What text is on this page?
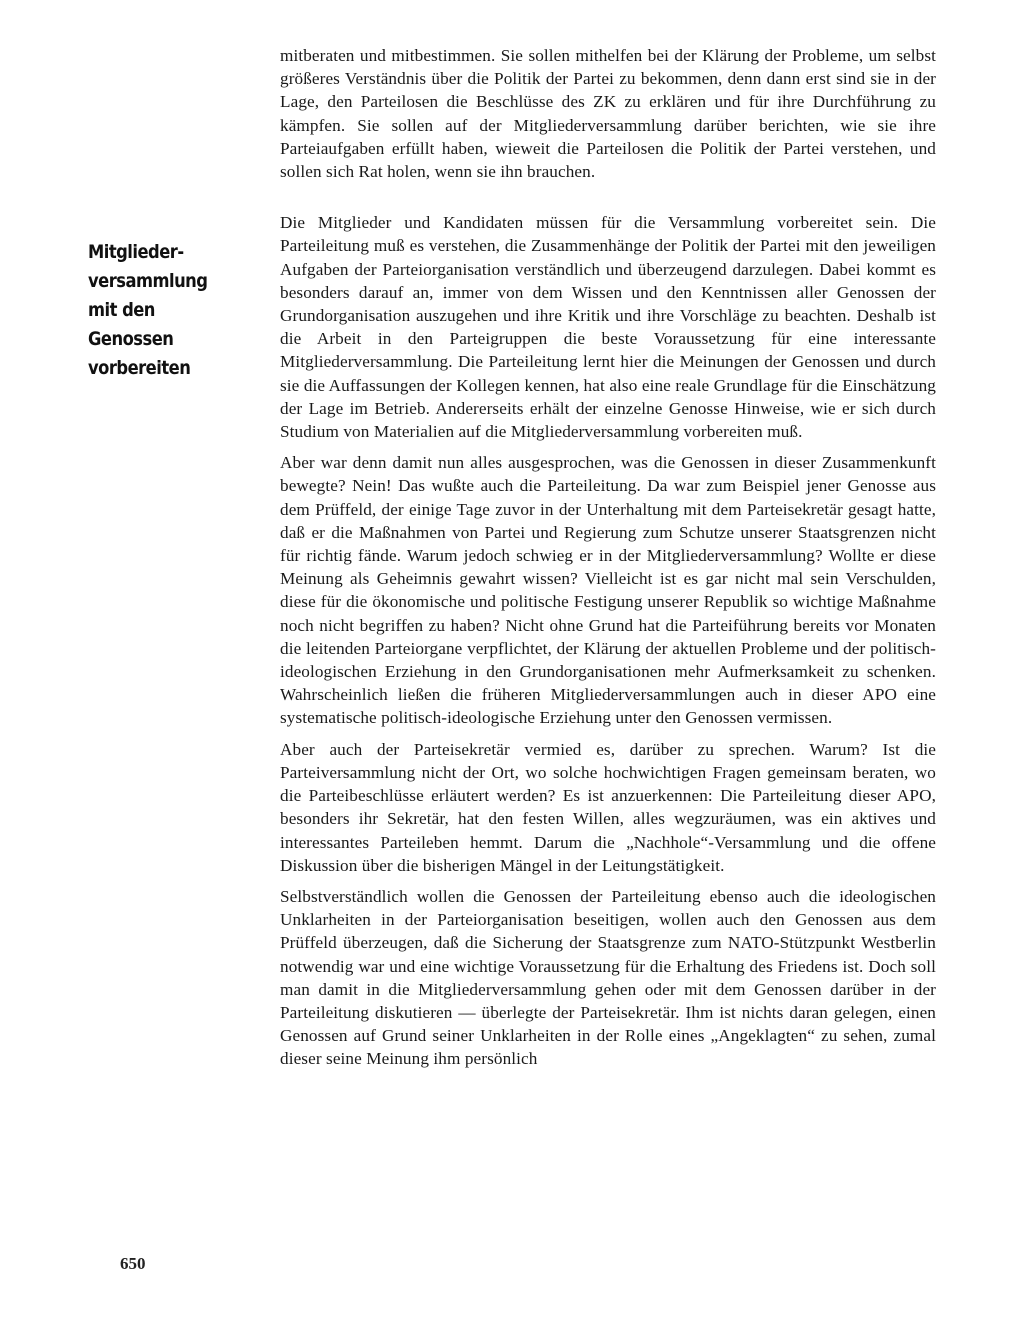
Mitglieder-
versammlung
mit den
Genossen
vorbereiten

mitberaten und mitbestimmen. Sie sollen mithelfen bei der Klärung der Probleme, um selbst größeres Verständnis über die Politik der Partei zu bekommen, denn dann erst sind sie in der Lage, den Parteilosen die Beschlüsse des ZK zu erklären und für ihre Durchführung zu kämpfen. Sie sollen auf der Mitgliederversammlung darüber berichten, wie sie ihre Parteiaufgaben erfüllt haben, wieweit die Parteilosen die Politik der Partei verstehen, und sollen sich Rat holen, wenn sie ihn brauchen.

Die Mitglieder und Kandidaten müssen für die Versammlung vorbereitet sein. Die Parteileitung muß es verstehen, die Zusammenhänge der Politik der Partei mit den jeweiligen Aufgaben der Parteiorganisation verständlich und überzeugend darzulegen. Dabei kommt es besonders darauf an, immer von dem Wissen und den Kenntnissen aller Genossen der Grundorganisation auszugehen und ihre Kritik und ihre Vorschläge zu beachten. Deshalb ist die Arbeit in den Parteigruppen die beste Voraussetzung für eine interessante Mitgliederversammlung. Die Parteileitung lernt hier die Meinungen der Genossen und durch sie die Auffassungen der Kollegen kennen, hat also eine reale Grundlage für die Einschätzung der Lage im Betrieb. Andererseits erhält der einzelne Genosse Hinweise, wie er sich durch Studium von Materialien auf die Mitgliederversammlung vorbereiten muß.

Aber war denn damit nun alles ausgesprochen, was die Genossen in dieser Zusammenkunft bewegte? Nein! Das wußte auch die Parteileitung. Da war zum Beispiel jener Genosse aus dem Prüffeld, der einige Tage zuvor in der Unterhaltung mit dem Parteisekretär gesagt hatte, daß er die Maßnahmen von Partei und Regierung zum Schutze unserer Staatsgrenzen nicht für richtig fände. Warum jedoch schwieg er in der Mitgliederversammlung? Wollte er diese Meinung als Geheimnis gewahrt wissen? Vielleicht ist es gar nicht mal sein Verschulden, diese für die ökonomische und politische Festigung unserer Republik so wichtige Maßnahme noch nicht begriffen zu haben? Nicht ohne Grund hat die Parteiführung bereits vor Monaten die leitenden Parteiorgane verpflichtet, der Klärung der aktuellen Probleme und der politisch-ideologischen Erziehung in den Grundorganisationen mehr Aufmerksamkeit zu schenken. Wahrscheinlich ließen die früheren Mitgliederversammlungen auch in dieser APO eine systematische politisch-ideologische Erziehung unter den Genossen vermissen.

Aber auch der Parteisekretär vermied es, darüber zu sprechen. Warum? Ist die Parteiversammlung nicht der Ort, wo solche hochwichtigen Fragen gemeinsam beraten, wo die Parteibeschlüsse erläutert werden? Es ist anzuerkennen: Die Parteileitung dieser APO, besonders ihr Sekretär, hat den festen Willen, alles wegzuräumen, was ein aktives und interessantes Parteileben hemmt. Darum die „Nachhole“-Versammlung und die offene Diskussion über die bisherigen Mängel in der Leitungstätigkeit.

Selbstverständlich wollen die Genossen der Parteileitung ebenso auch die ideologischen Unklarheiten in der Parteiorganisation beseitigen, wollen auch den Genossen aus dem Prüffeld überzeugen, daß die Sicherung der Staatsgrenze zum NATO-Stützpunkt Westberlin notwendig war und eine wichtige Voraussetzung für die Erhaltung des Friedens ist. Doch soll man damit in die Mitgliederversammlung gehen oder mit dem Genossen darüber in der Parteileitung diskutieren — überlegte der Parteisekretär. Ihm ist nichts daran gelegen, einen Genossen auf Grund seiner Unklarheiten in der Rolle eines „Angeklagten“ zu sehen, zumal dieser seine Meinung ihm persönlich

650
